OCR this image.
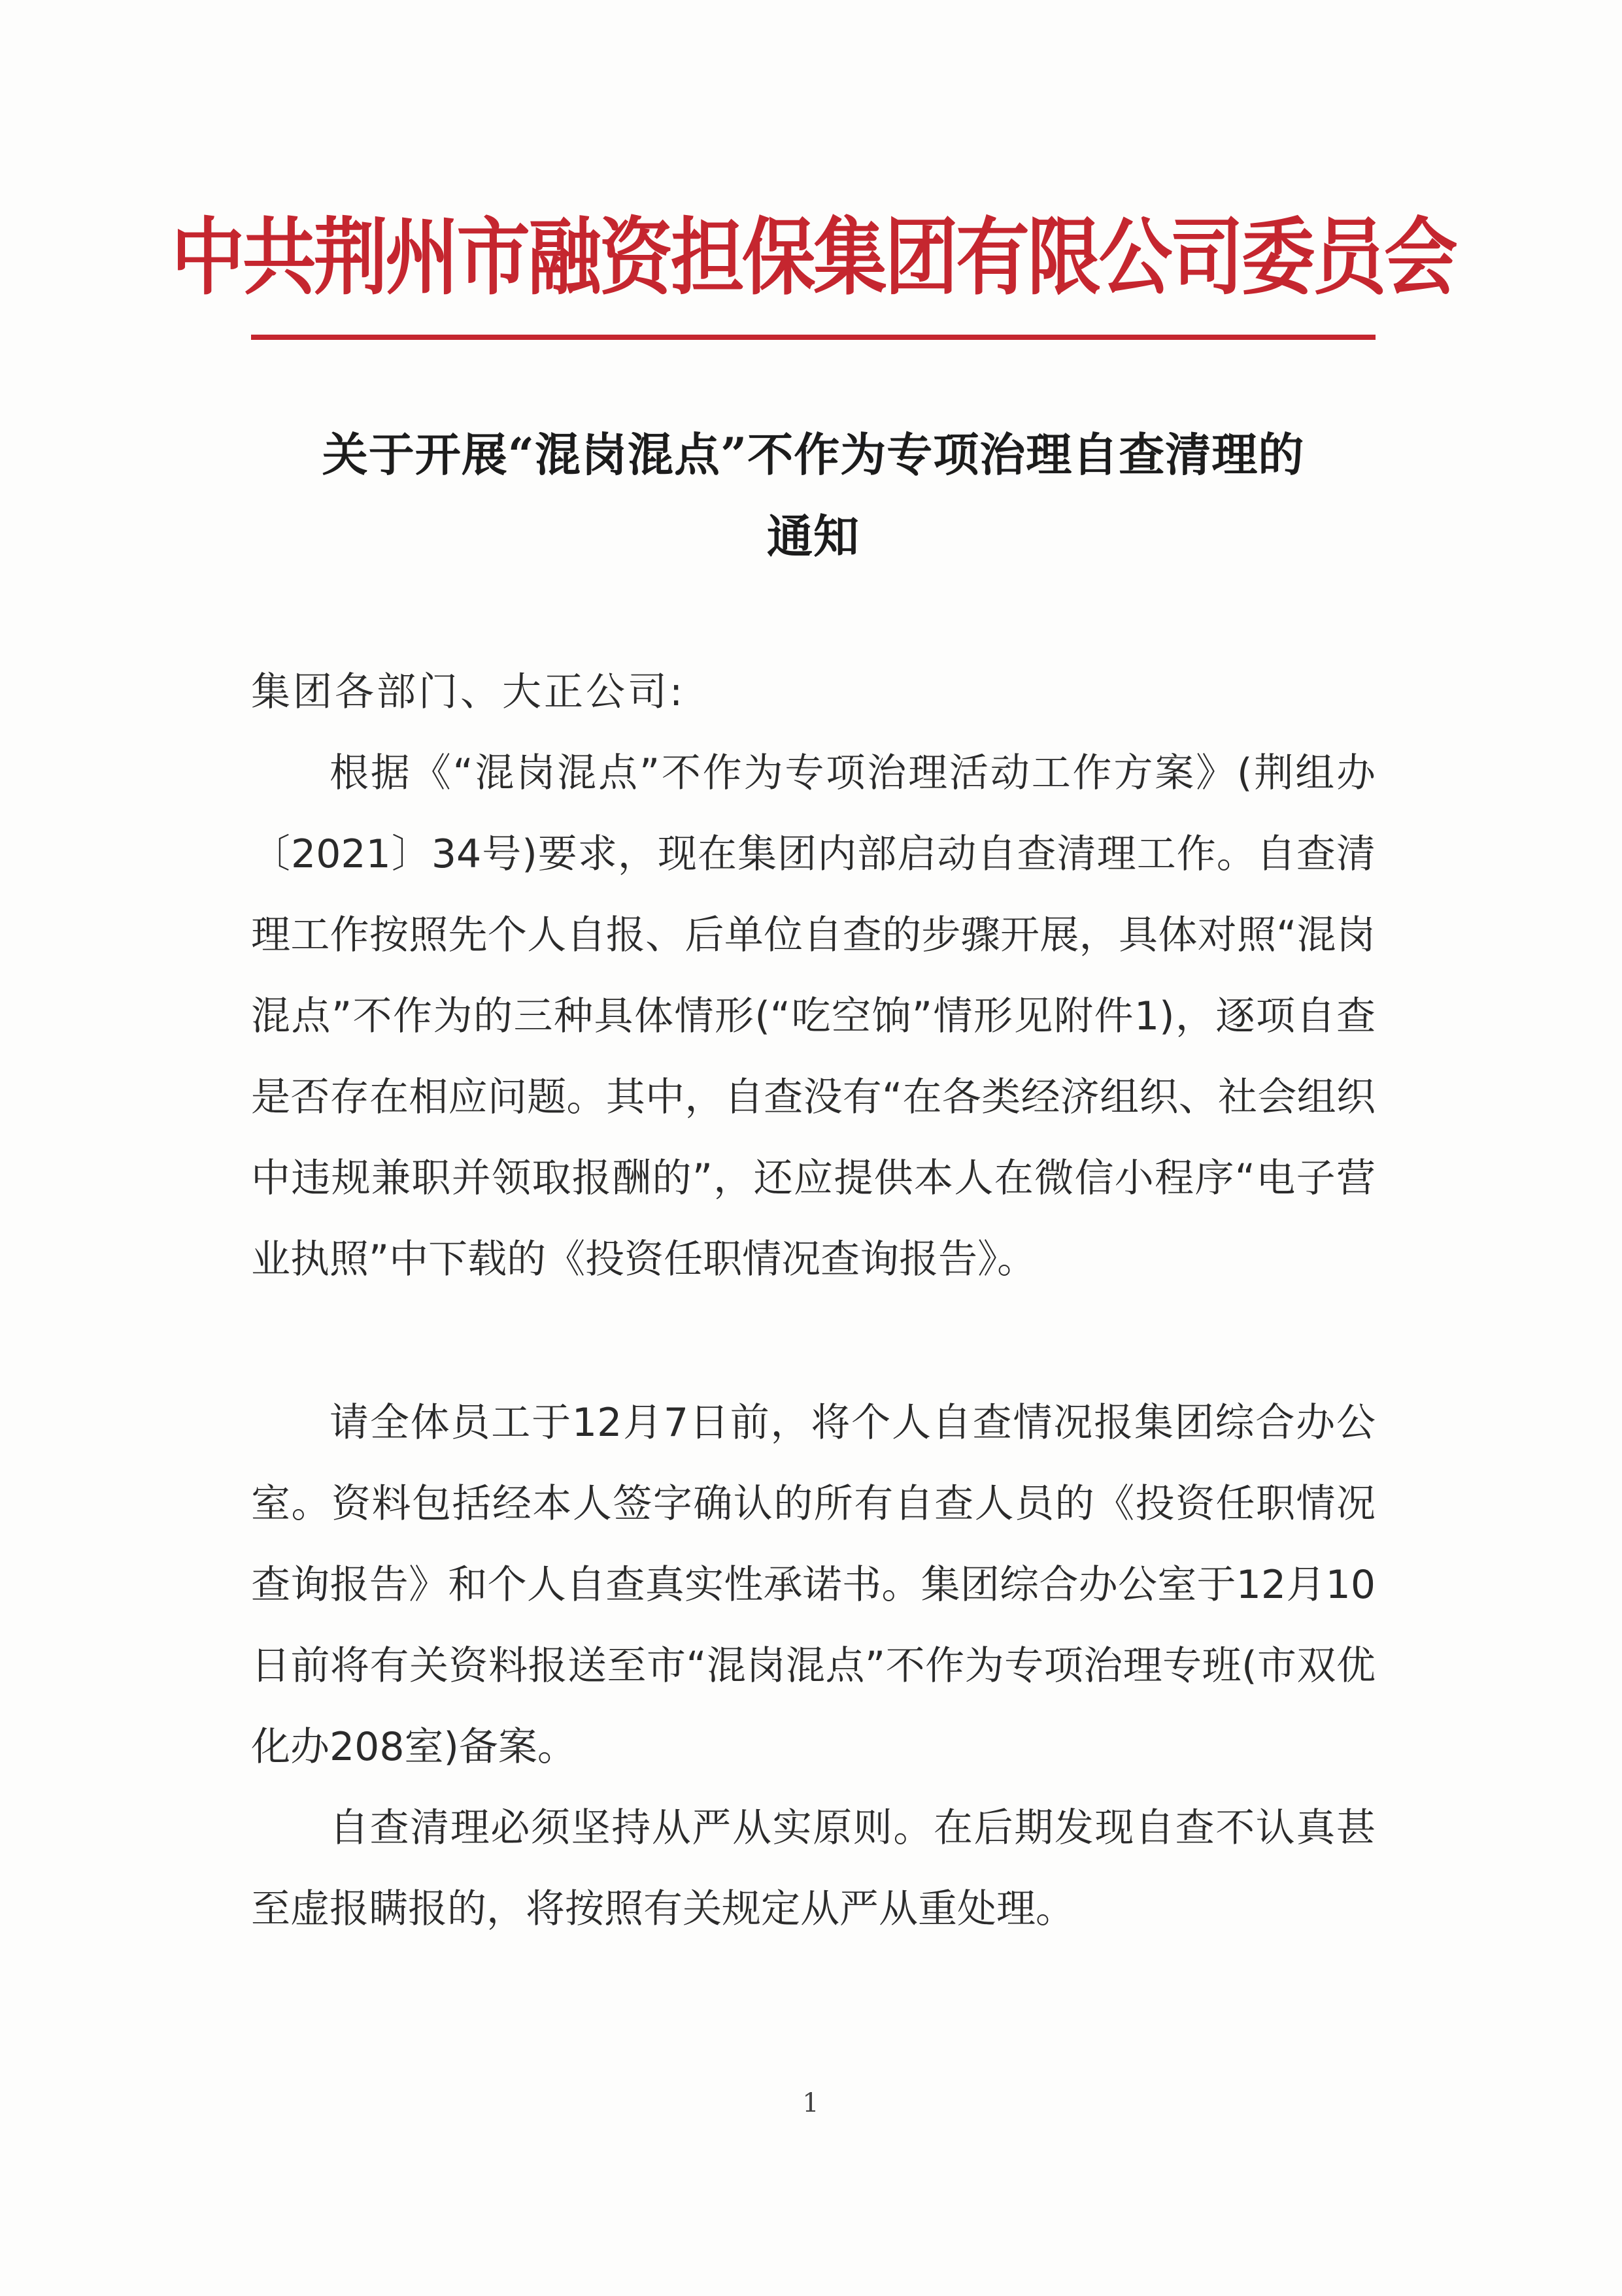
中共荆州市融资担保集团有限公司委员会
关于开展“混岗混点”不作为专项治理自查清理的
通知
集团各部门、大正公司:

根据《“混岗混点”不作为专项治理活动工作方案》(荆组办〔2021〕34号)要求，现在集团内部启动自查清理工作。自查清理工作按照先个人自报、后单位自查的步骤开展，具体对照“混岗混点”不作为的三种具体情形(“吃空饷”情形见附件1)，逐项自查是否存在相应问题。其中，自查没有“在各类经济组织、社会组织中违规兼职并领取报酬的”，还应提供本人在微信小程序“电子营业执照”中下载的《投资任职情况查询报告》。

请全体员工于12月7日前，将个人自查情况报集团综合办公室。资料包括经本人签字确认的所有自查人员的《投资任职情况查询报告》和个人自查真实性承诺书。集团综合办公室于12月10日前将有关资料报送至市“混岗混点”不作为专项治理专班(市双优化办208室)备案。

自查清理必须坚持从严从实原则。在后期发现自查不认真甚至虚报瞒报的，将按照有关规定从严从重处理。

1
